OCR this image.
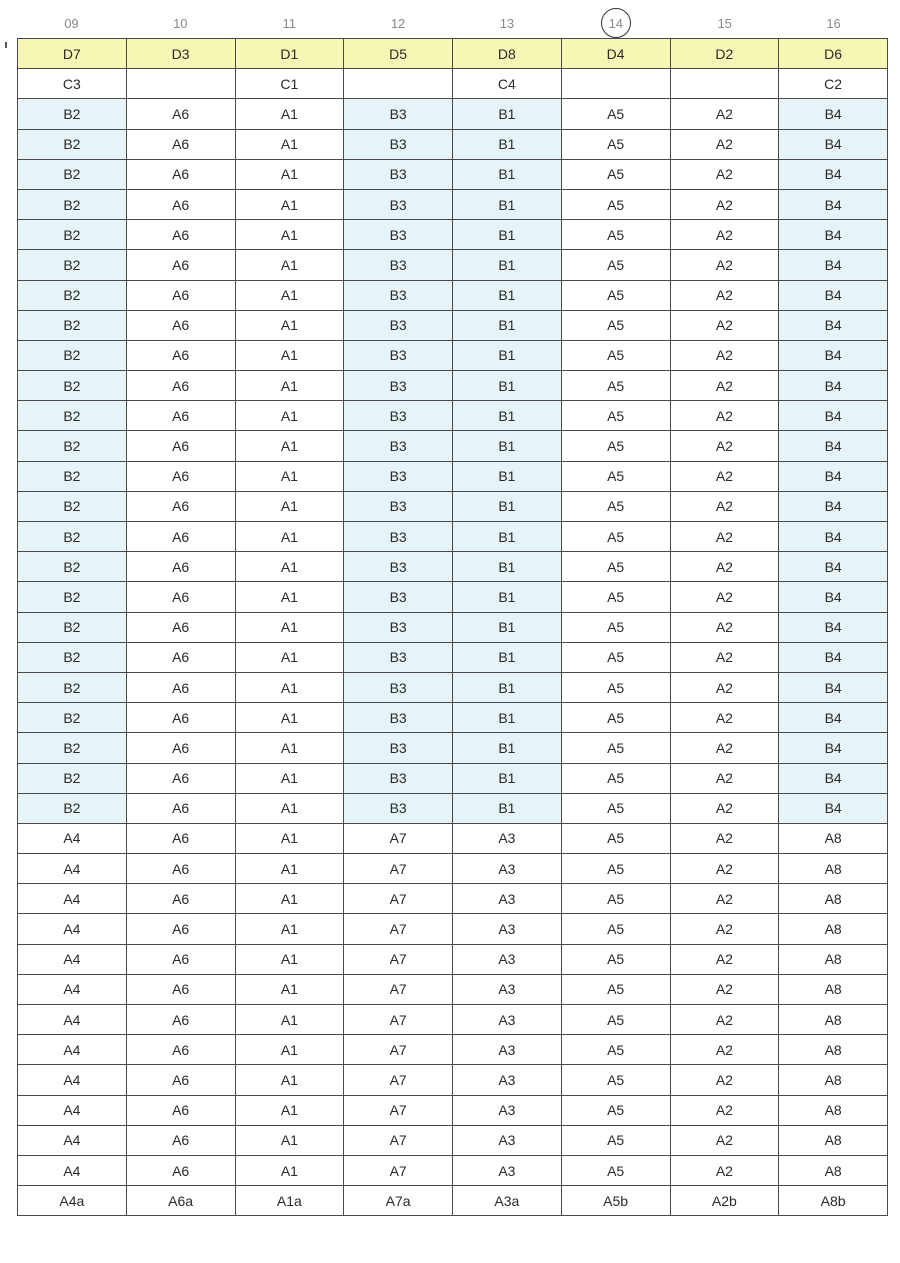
09	10	11	12	13	14	15	16
D7	D3	D1	D5	D8	D4	D2	D6
C3		C1		C4			C2
B2	A6	A1	B3	B1	A5	A2	B4
B2	A6	A1	B3	B1	A5	A2	B4
B2	A6	A1	B3	B1	A5	A2	B4
B2	A6	A1	B3	B1	A5	A2	B4
B2	A6	A1	B3	B1	A5	A2	B4
B2	A6	A1	B3	B1	A5	A2	B4
B2	A6	A1	B3	B1	A5	A2	B4
B2	A6	A1	B3	B1	A5	A2	B4
B2	A6	A1	B3	B1	A5	A2	B4
B2	A6	A1	B3	B1	A5	A2	B4
B2	A6	A1	B3	B1	A5	A2	B4
B2	A6	A1	B3	B1	A5	A2	B4
B2	A6	A1	B3	B1	A5	A2	B4
B2	A6	A1	B3	B1	A5	A2	B4
B2	A6	A1	B3	B1	A5	A2	B4
B2	A6	A1	B3	B1	A5	A2	B4
B2	A6	A1	B3	B1	A5	A2	B4
B2	A6	A1	B3	B1	A5	A2	B4
B2	A6	A1	B3	B1	A5	A2	B4
B2	A6	A1	B3	B1	A5	A2	B4
B2	A6	A1	B3	B1	A5	A2	B4
B2	A6	A1	B3	B1	A5	A2	B4
B2	A6	A1	B3	B1	A5	A2	B4
B2	A6	A1	B3	B1	A5	A2	B4
A4	A6	A1	A7	A3	A5	A2	A8
A4	A6	A1	A7	A3	A5	A2	A8
A4	A6	A1	A7	A3	A5	A2	A8
A4	A6	A1	A7	A3	A5	A2	A8
A4	A6	A1	A7	A3	A5	A2	A8
A4	A6	A1	A7	A3	A5	A2	A8
A4	A6	A1	A7	A3	A5	A2	A8
A4	A6	A1	A7	A3	A5	A2	A8
A4	A6	A1	A7	A3	A5	A2	A8
A4	A6	A1	A7	A3	A5	A2	A8
A4	A6	A1	A7	A3	A5	A2	A8
A4	A6	A1	A7	A3	A5	A2	A8
A4a	A6a	A1a	A7a	A3a	A5b	A2b	A8b
